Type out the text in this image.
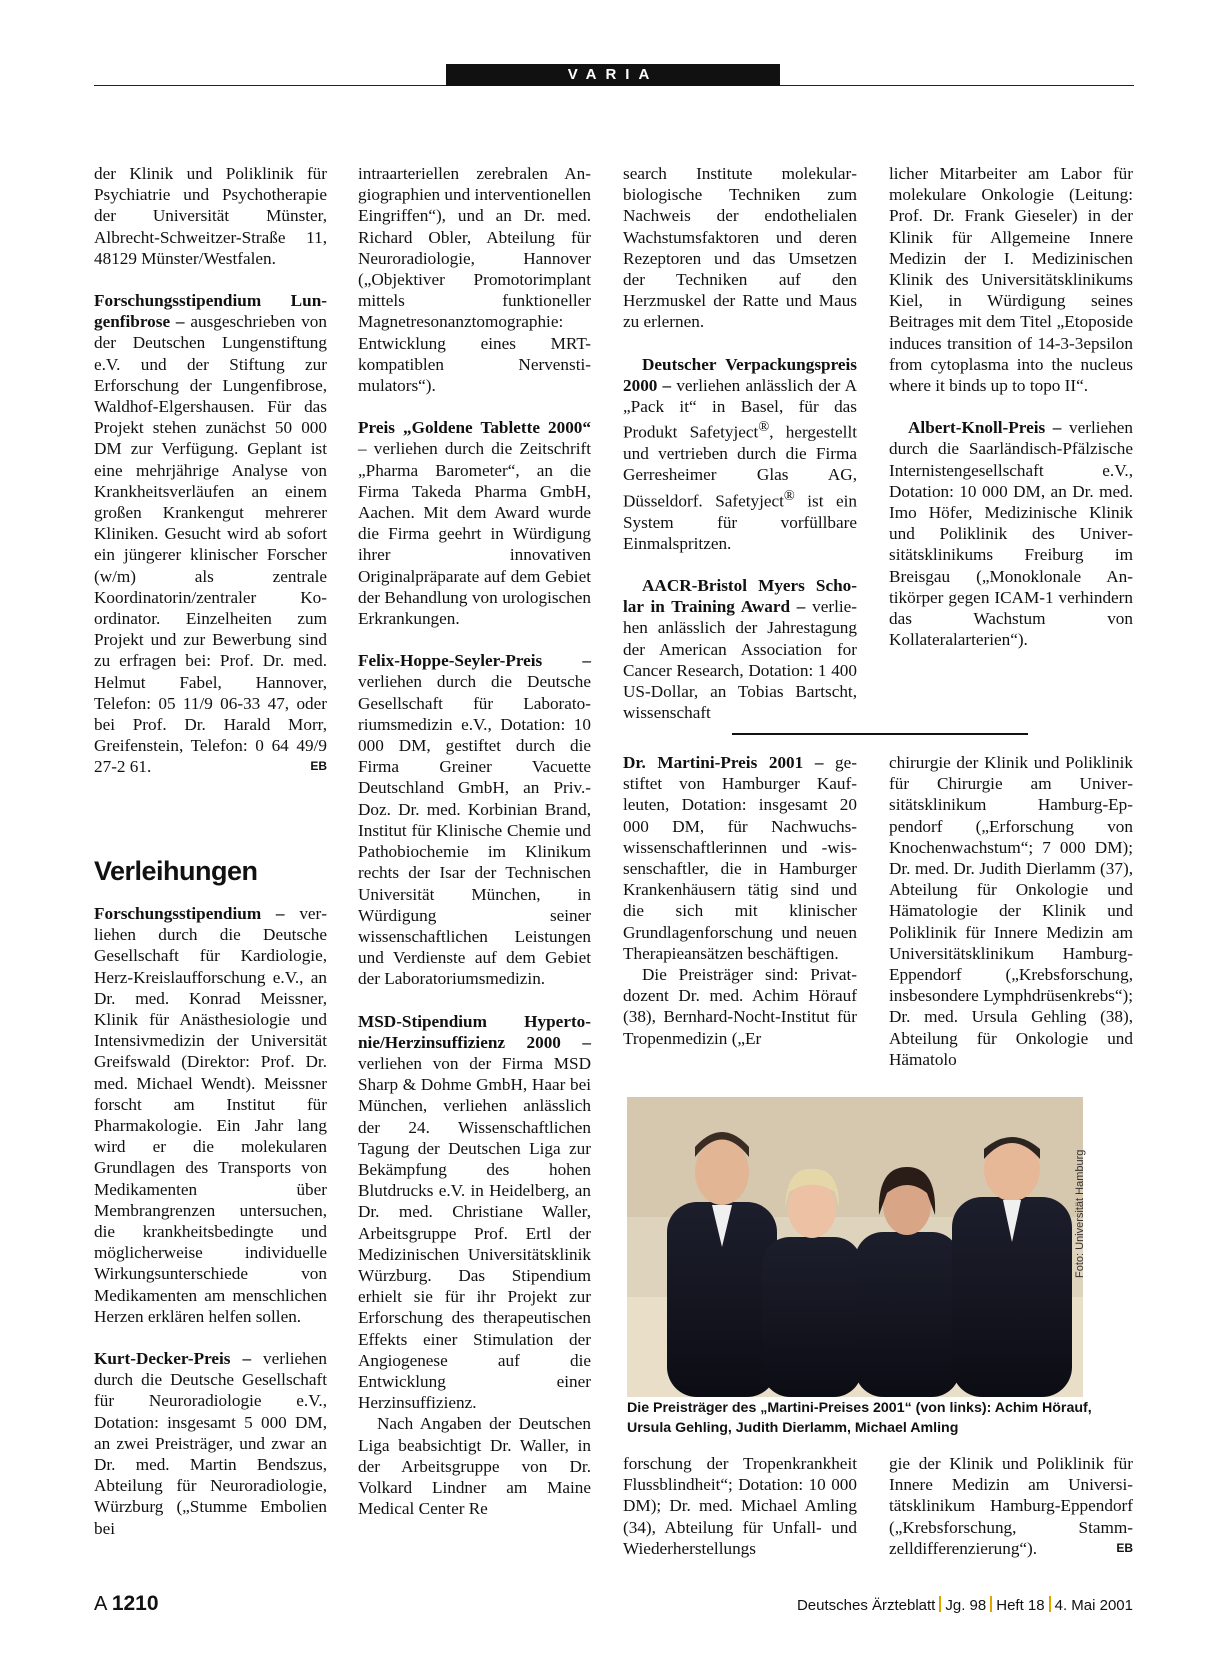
VARIA

der Klinik und Poliklinik für Psychiatrie und Psychotherapie der Universität Münster, Albrecht-Schweitzer-Straße 11, 48129 Münster/Westfalen.

Forschungsstipendium Lungenfibrose – ausgeschrieben von der Deutschen Lungenstiftung e.V. und der Stiftung zur Erforschung der Lungenfibrose, Waldhof-Elgershausen. Für das Projekt stehen zunächst 50 000 DM zur Verfügung. Geplant ist eine mehrjährige Analyse von Krankheitsverläufen an einem großen Krankengut mehrerer Kliniken. Gesucht wird ab sofort ein jüngerer klinischer Forscher (w/m) als zentrale Koordinatorin/zentraler Koordinator. Einzelheiten zum Projekt und zur Bewerbung sind zu erfragen bei: Prof. Dr. med. Helmut Fabel, Hannover, Telefon: 05 11/9 06-33 47, oder bei Prof. Dr. Harald Morr, Greifenstein, Telefon: 0 64 49/9 27-2 61.	EB

Verleihungen

Forschungsstipendium – verliehen durch die Deutsche Gesellschaft für Kardiologie, Herz-Kreislaufforschung e.V., an Dr. med. Konrad Meissner, Klinik für Anästhesiologie und Intensivmedizin der Universität Greifswald (Direktor: Prof. Dr. med. Michael Wendt). Meissner forscht am Institut für Pharmakologie. Ein Jahr lang wird er die molekularen Grundlagen des Transports von Medikamenten über Membrangrenzen untersuchen, die krankheitsbedingte und möglicherweise individuelle Wirkungsunterschiede von Medikamenten am menschlichen Herzen erklären helfen sollen.

Kurt-Decker-Preis – verliehen durch die Deutsche Gesellschaft für Neuroradiologie e.V., Dotation: insgesamt 5 000 DM, an zwei Preisträger, und zwar an Dr. med. Martin Bendszus, Abteilung für Neuroradiologie, Würzburg („Stumme Embolien bei

intraarteriellen zerebralen Angiographien und interventionellen Eingriffen“), und an Dr. med. Richard Obler, Abteilung für Neuroradiologie, Hannover („Objektiver Promotorimplant mittels funktioneller Magnetresonanztomographie: Entwicklung eines MRT-kompatiblen Nervenstimulators“).

Preis „Goldene Tablette 2000“ – verliehen durch die Zeitschrift „Pharma Barometer“, an die Firma Takeda Pharma GmbH, Aachen. Mit dem Award wurde die Firma geehrt in Würdigung ihrer innovativen Originalpräparate auf dem Gebiet der Behandlung von urologischen Erkrankungen.

Felix-Hoppe-Seyler-Preis – verliehen durch die Deutsche Gesellschaft für Laboratoriumsmedizin e.V., Dotation: 10 000 DM, gestiftet durch die Firma Greiner Vacuette Deutschland GmbH, an Priv.-Doz. Dr. med. Korbinian Brand, Institut für Klinische Chemie und Pathobiochemie im Klinikum rechts der Isar der Technischen Universität München, in Würdigung seiner wissenschaftlichen Leistungen und Verdienste auf dem Gebiet der Laboratoriumsmedizin.

MSD-Stipendium Hypertonie/Herzinsuffizienz 2000 – verliehen von der Firma MSD Sharp & Dohme GmbH, Haar bei München, verliehen anlässlich der 24. Wissenschaftlichen Tagung der Deutschen Liga zur Bekämpfung des hohen Blutdrucks e.V. in Heidelberg, an Dr. med. Christiane Waller, Arbeitsgruppe Prof. Ertl der Medizinischen Universitätsklinik Würzburg. Das Stipendium erhielt sie für ihr Projekt zur Erforschung des therapeutischen Effekts einer Stimulation der Angiogenese auf die Entwicklung einer Herzinsuffizienz.

Nach Angaben der Deutschen Liga beabsichtigt Dr. Waller, in der Arbeitsgruppe von Dr. Volkard Lindner am Maine Medical Center Re

search Institute molekularbiologische Techniken zum Nachweis der endothelialen Wachstumsfaktoren und deren Rezeptoren und das Umsetzen der Techniken auf den Herzmuskel der Ratte und Maus zu erlernen.

Deutscher Verpackungspreis 2000 – verliehen anlässlich der A „Pack it“ in Basel, für das Produkt Safetyject®, hergestellt und vertrieben durch die Firma Gerresheimer Glas AG, Düsseldorf. Safetyject® ist ein System für vorfüllbare Einmalspritzen.

AACR-Bristol Myers Scholar in Training Award – verliehen anlässlich der Jahrestagung der American Association for Cancer Research, Dotation: 1 400 US-Dollar, an Tobias Bartscht, wissenschaft

licher Mitarbeiter am Labor für molekulare Onkologie (Leitung: Prof. Dr. Frank Gieseler) in der Klinik für Allgemeine Innere Medizin der I. Medizinischen Klinik des Universitätsklinikums Kiel, in Würdigung seines Beitrages mit dem Titel „Etoposide induces transition of 14-3-3epsilon from cytoplasma into the nucleus where it binds up to topo II“.

Albert-Knoll-Preis – verliehen durch die Saarländisch-Pfälzische Internistengesellschaft e.V., Dotation: 10 000 DM, an Dr. med. Imo Höfer, Medizinische Klinik und Poliklinik des Universitätsklinikums Freiburg im Breisgau („Monoklonale Antikörper gegen ICAM-1 verhindern das Wachstum von Kollateralarterien“).

Dr. Martini-Preis 2001 – gestiftet von Hamburger Kaufleuten, Dotation: insgesamt 20 000 DM, für Nachwuchswissenschaftlerinnen und -wissenschaftler, die in Hamburger Krankenhäusern tätig sind und die sich mit klinischer Grundlagenforschung und neuen Therapieansätzen beschäftigen.

Die Preisträger sind: Privatdozent Dr. med. Achim Hörauf (38), Bernhard-Nocht-Institut für Tropenmedizin („Er

chirurgie der Klinik und Poliklinik für Chirurgie am Universitätsklinikum Hamburg-Eppendorf („Erforschung von Knochenwachstum“; 7 000 DM); Dr. med. Dr. Judith Dierlamm (37), Abteilung für Onkologie und Hämatologie der Klinik und Poliklinik für Innere Medizin am Universitätsklinikum Hamburg-Eppendorf („Krebsforschung, insbesondere Lymphdrüsenkrebs“); Dr. med. Ursula Gehling (38), Abteilung für Onkologie und Hämatolo

Foto: Universität Hamburg
Die Preisträger des „Martini-Preises 2001“ (von links): Achim Hörauf, Ursula Gehling, Judith Dierlamm, Michael Amling

forschung der Tropenkrankheit Flussblindheit“; Dotation: 10 000 DM); Dr. med. Michael Amling (34), Abteilung für Unfall- und Wiederherstellungs

gie der Klinik und Poliklinik für Innere Medizin am Universitätsklinikum Hamburg-Eppendorf („Krebsforschung, Stammzelldifferenzierung“).	EB

A 1210	Deutsches Ärzteblatt Jg. 98 Heft 18 4. Mai 2001
